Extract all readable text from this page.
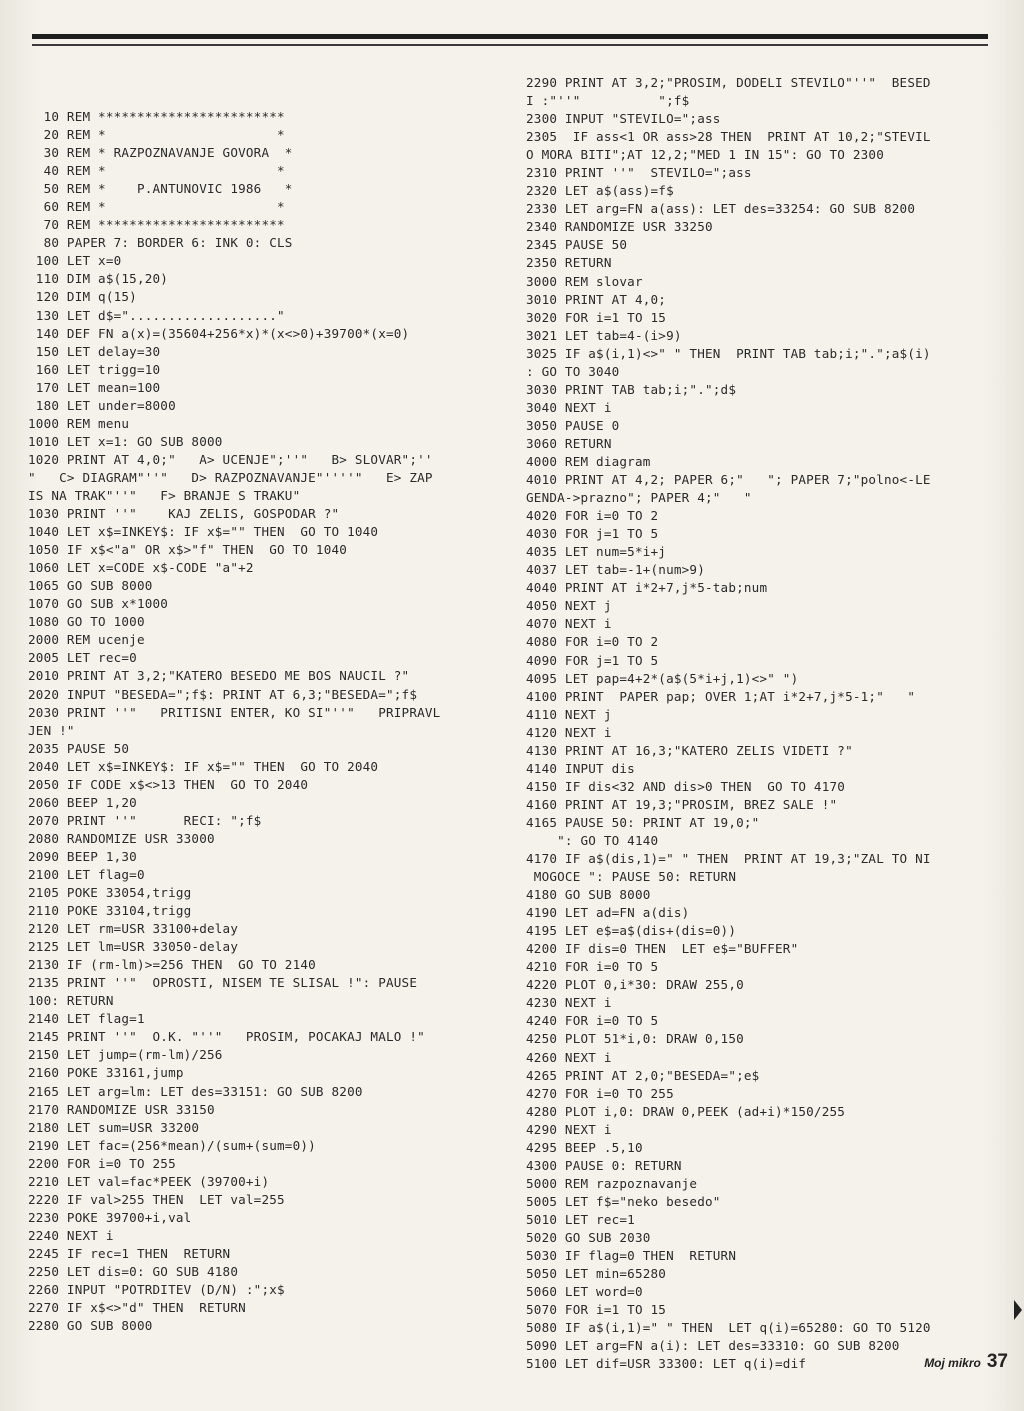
10 REM ************************
20 REM *                      *
30 REM * RAZPOZNAVANJE GOVORA  *
40 REM *                      *
50 REM *    P.ANTUNOVIC 1986   *
60 REM *                      *
70 REM ************************
80 PAPER 7: BORDER 6: INK 0: CLS
100 LET x=0
110 DIM a$(15,20)
120 DIM q(15)
130 LET d$="..................."
140 DEF FN a(x)=(35604+256*x)*(x<>0)+39700*(x=0)
150 LET delay=30
160 LET trigg=10
170 LET mean=100
180 LET under=8000
1000 REM menu
1010 LET x=1: GO SUB 8000
1020 PRINT AT 4,0;"   A> UCENJE";''"   B> SLOVAR";''
"   C> DIAGRAM"''"   D> RAZPOZNAVANJE"''''"   E> ZAP
IS NA TRAK"''"   F> BRANJE S TRAKU"
1030 PRINT ''"    KAJ ZELIS, GOSPODAR ?"
1040 LET x$=INKEY$: IF x$="" THEN  GO TO 1040
1050 IF x$<"a" OR x$>"f" THEN  GO TO 1040
1060 LET x=CODE x$-CODE "a"+2
1065 GO SUB 8000
1070 GO SUB x*1000
1080 GO TO 1000
2000 REM ucenje
2005 LET rec=0
2010 PRINT AT 3,2;"KATERO BESEDO ME BOS NAUCIL ?"
2020 INPUT "BESEDA=";f$: PRINT AT 6,3;"BESEDA=";f$
2030 PRINT ''"   PRITISNI ENTER, KO SI"''"   PRIPRAVL
JEN !"
2035 PAUSE 50
2040 LET x$=INKEY$: IF x$="" THEN  GO TO 2040
2050 IF CODE x$<>13 THEN  GO TO 2040
2060 BEEP 1,20
2070 PRINT ''"      RECI: ";f$
2080 RANDOMIZE USR 33000
2090 BEEP 1,30
2100 LET flag=0
2105 POKE 33054,trigg
2110 POKE 33104,trigg
2120 LET rm=USR 33100+delay
2125 LET lm=USR 33050-delay
2130 IF (rm-lm)>=256 THEN  GO TO 2140
2135 PRINT ''"  OPROSTI, NISEM TE SLISAL !": PAUSE
100: RETURN
2140 LET flag=1
2145 PRINT ''"  O.K. "''"   PROSIM, POCAKAJ MALO !"
2150 LET jump=(rm-lm)/256
2160 POKE 33161,jump
2165 LET arg=lm: LET des=33151: GO SUB 8200
2170 RANDOMIZE USR 33150
2180 LET sum=USR 33200
2190 LET fac=(256*mean)/(sum+(sum=0))
2200 FOR i=0 TO 255
2210 LET val=fac*PEEK (39700+i)
2220 IF val>255 THEN  LET val=255
2230 POKE 39700+i,val
2240 NEXT i
2245 IF rec=1 THEN  RETURN
2250 LET dis=0: GO SUB 4180
2260 INPUT "POTRDITEV (D/N) :";x$
2270 IF x$<>"d" THEN  RETURN
2280 GO SUB 8000
2290 PRINT AT 3,2;"PROSIM, DODELI STEVILO"''"  BESED
I :"''"          ";f$
2300 INPUT "STEVILO=";ass
2305  IF ass<1 OR ass>28 THEN  PRINT AT 10,2;"STEVIL
O MORA BITI";AT 12,2;"MED 1 IN 15": GO TO 2300
2310 PRINT ''"  STEVILO=";ass
2320 LET a$(ass)=f$
2330 LET arg=FN a(ass): LET des=33254: GO SUB 8200
2340 RANDOMIZE USR 33250
2345 PAUSE 50
2350 RETURN
3000 REM slovar
3010 PRINT AT 4,0;
3020 FOR i=1 TO 15
3021 LET tab=4-(i>9)
3025 IF a$(i,1)<>" " THEN  PRINT TAB tab;i;".";a$(i)
: GO TO 3040
3030 PRINT TAB tab;i;".";d$
3040 NEXT i
3050 PAUSE 0
3060 RETURN
4000 REM diagram
4010 PRINT AT 4,2; PAPER 6;"   "; PAPER 7;"polno<-LE
GENDA->prazno"; PAPER 4;"   "
4020 FOR i=0 TO 2
4030 FOR j=1 TO 5
4035 LET num=5*i+j
4037 LET tab=-1+(num>9)
4040 PRINT AT i*2+7,j*5-tab;num
4050 NEXT j
4070 NEXT i
4080 FOR i=0 TO 2
4090 FOR j=1 TO 5
4095 LET pap=4+2*(a$(5*i+j,1)<>" ")
4100 PRINT  PAPER pap; OVER 1;AT i*2+7,j*5-1;"   "
4110 NEXT j
4120 NEXT i
4130 PRINT AT 16,3;"KATERO ZELIS VIDETI ?"
4140 INPUT dis
4150 IF dis<32 AND dis>0 THEN  GO TO 4170
4160 PRINT AT 19,3;"PROSIM, BREZ SALE !"
4165 PAUSE 50: PRINT AT 19,0;"
": GO TO 4140
4170 IF a$(dis,1)=" " THEN  PRINT AT 19,3;"ZAL TO NI
MOGOCE ": PAUSE 50: RETURN
4180 GO SUB 8000
4190 LET ad=FN a(dis)
4195 LET e$=a$(dis+(dis=0))
4200 IF dis=0 THEN  LET e$="BUFFER"
4210 FOR i=0 TO 5
4220 PLOT 0,i*30: DRAW 255,0
4230 NEXT i
4240 FOR i=0 TO 5
4250 PLOT 51*i,0: DRAW 0,150
4260 NEXT i
4265 PRINT AT 2,0;"BESEDA=";e$
4270 FOR i=0 TO 255
4280 PLOT i,0: DRAW 0,PEEK (ad+i)*150/255
4290 NEXT i
4295 BEEP .5,10
4300 PAUSE 0: RETURN
5000 REM razpoznavanje
5005 LET f$="neko besedo"
5010 LET rec=1
5020 GO SUB 2030
5030 IF flag=0 THEN  RETURN
5050 LET min=65280
5060 LET word=0
5070 FOR i=1 TO 15
5080 IF a$(i,1)=" " THEN  LET q(i)=65280: GO TO 5120
5090 LET arg=FN a(i): LET des=33310: GO SUB 8200
5100 LET dif=USR 33300: LET q(i)=dif	Moj mikro 37
